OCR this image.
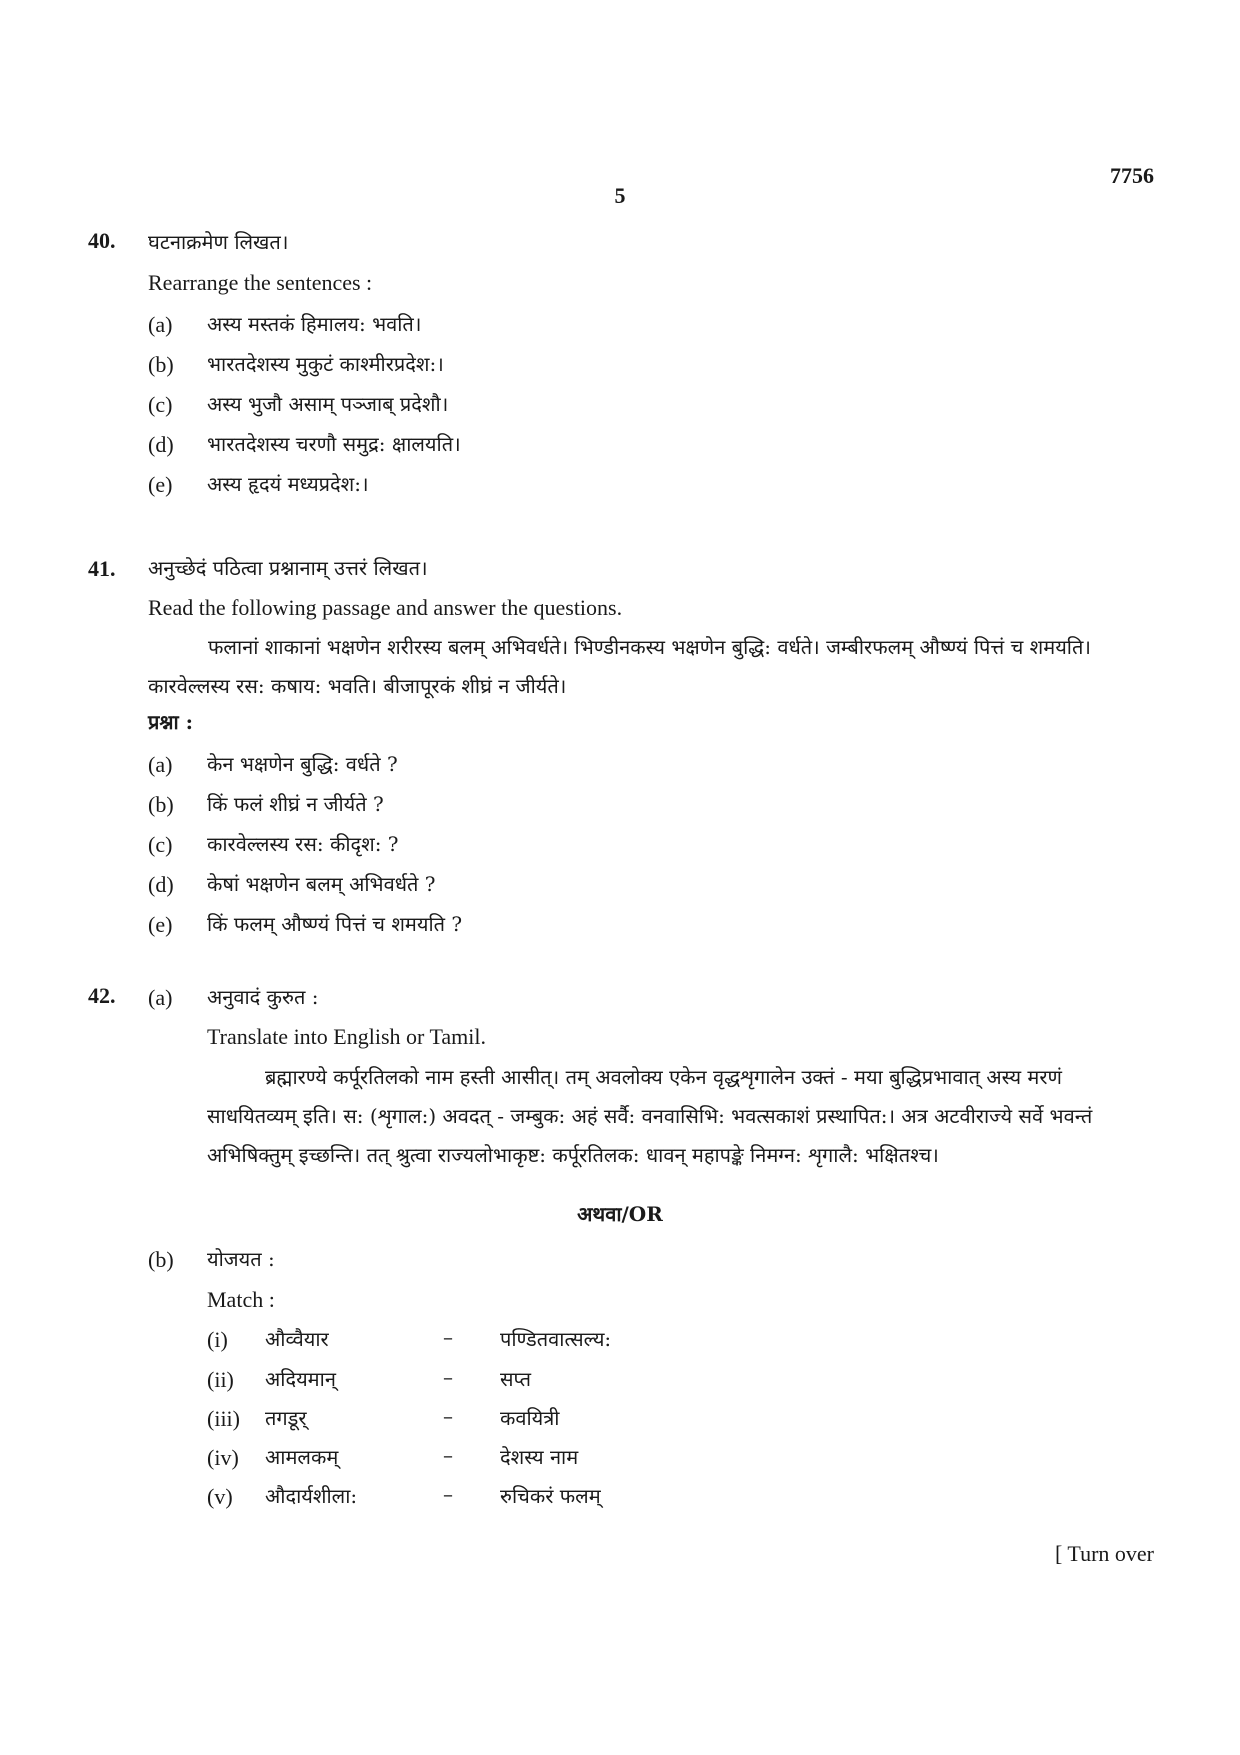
7756
5
40. घटनाक्रमेण लिखत।
Rearrange the sentences :
(a) अस्य मस्तकं हिमालय: भवति।
(b) भारतदेशस्य मुकुटं काश्मीरप्रदेश:।
(c) अस्य भुजौ असाम् पञ्जाब् प्रदेशौ।
(d) भारतदेशस्य चरणौ समुद्र: क्षालयति।
(e) अस्य हृदयं मध्यप्रदेश:।
41. अनुच्छेदं पठित्वा प्रश्नानाम् उत्तरं लिखत।
Read the following passage and answer the questions.
फलानां शाकानां भक्षणेन शरीरस्य बलम् अभिवर्धते। भिण्डीनकस्य भक्षणेन बुद्धि: वर्धते। जम्बीरफलम् औष्ण्यं पित्तं च शमयति। कारवेल्लस्य रस: कषाय: भवति। बीजापूरकं शीघ्रं न जीर्यते।
प्रश्ना :
(a) केन भक्षणेन बुद्धि: वर्धते ?
(b) किं फलं शीघ्रं न जीर्यते ?
(c) कारवेल्लस्य रस: कीदृश: ?
(d) केषां भक्षणेन बलम् अभिवर्धते ?
(e) किं फलम् औष्ण्यं पित्तं च शमयति ?
42. (a) अनुवादं कुरुत :
Translate into English or Tamil.
ब्रह्मारण्ये कर्पूरतिलको नाम हस्ती आसीत्। तम् अवलोक्य एकेन वृद्धशृगालेन उक्तं - मया बुद्धिप्रभावात् अस्य मरणं साधयितव्यम् इति। स: (शृगाल:) अवदत् - जम्बुक: अहं सर्वै: वनवासिभि: भवत्सकाशं प्रस्थापित:। अत्र अटवीराज्ये सर्वे भवन्तं अभिषिक्तुम् इच्छन्ति। तत् श्रुत्वा राज्यलोभाकृष्ट: कर्पूरतिलक: धावन् महापङ्के निमग्न: शृगालै: भक्षितश्च।
अथवा/OR
(b) योजयत :
Match :
(i) औव्वैयार	– पण्डितवात्सल्य:
(ii) अदियमान्	– सप्त
(iii) तगडूर्	– कवयित्री
(iv) आमलकम्	– देशस्य नाम
(v) औदार्यशीला:	– रुचिकरं फलम्
[ Turn over
